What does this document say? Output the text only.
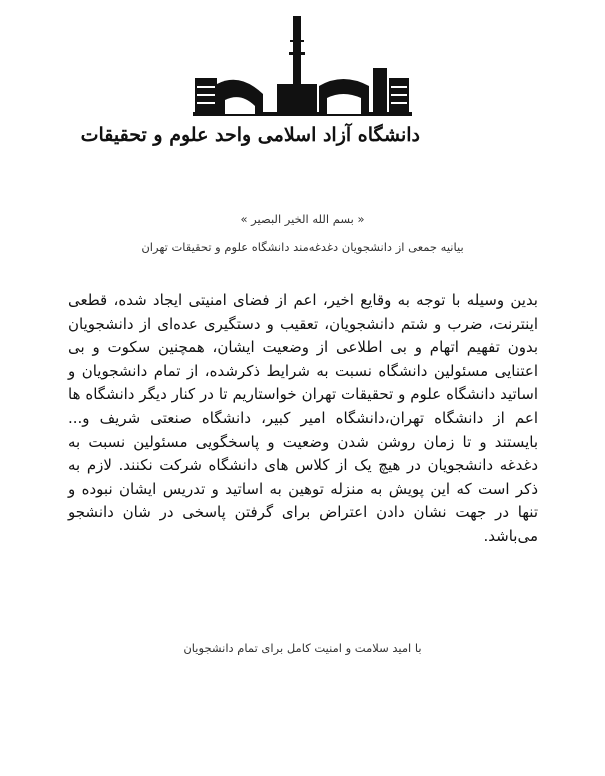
دانشگاه آزاد اسلامی واحد علوم و تحقیقات
« بسم الله الخیر البصیر »
بیانیه جمعی از دانشجویان دغدغه‌مند دانشگاه علوم و تحقیقات تهران
بدین وسیله با توجه به وقایع اخیر، اعم از فضای امنیتی ایجاد شده، قطعی اینترنت، ضرب و شتم دانشجویان، تعقیب و دستگیری عده‌ای از دانشجویان بدون تفهیم اتهام و بی اطلاعی از وضعیت ایشان، همچنین سکوت و بی اعتنایی مسئولین دانشگاه نسبت به شرایط ذکرشده، از تمام دانشجویان و اساتید دانشگاه علوم و تحقیقات تهران خواستاریم تا در کنار دیگر دانشگاه ها اعم از دانشگاه تهران،دانشگاه امیر کبیر، دانشگاه صنعتی شریف و... بایستند و تا زمان روشن شدن وضعیت و پاسخگویی مسئولین نسبت به دغدغه دانشجویان در هیچ یک از کلاس های دانشگاه شرکت نکنند. لازم به ذکر است که این پویش به منزله توهین به اساتید و تدریس ایشان نبوده و تنها در جهت نشان دادن اعتراض برای گرفتن پاسخی در شان دانشجو می‌باشد.
با امید سلامت و امنیت کامل برای تمام دانشجویان
